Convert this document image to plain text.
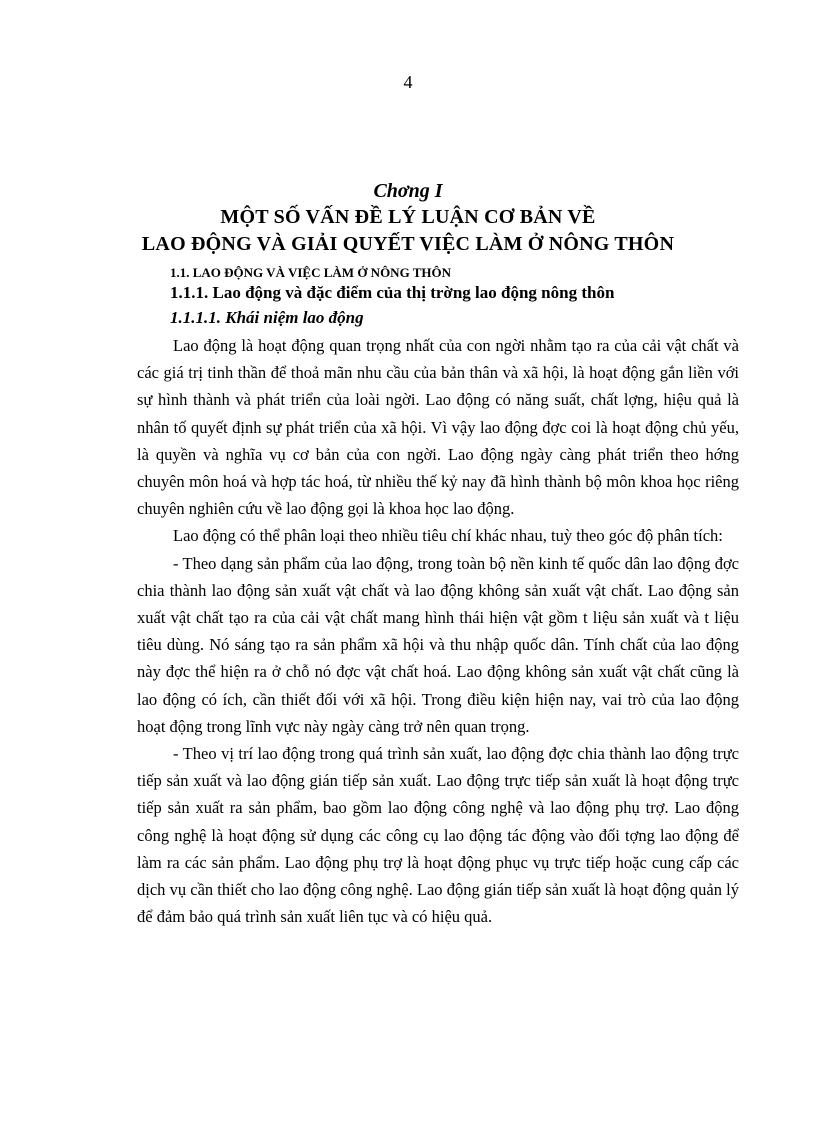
4
Chơng I
MỘT SỐ VẤN ĐỀ LÝ LUẬN CƠ BẢN VỀ
LAO ĐỘNG VÀ GIẢI QUYẾT VIỆC LÀM Ở NÔNG THÔN
1.1. LAO ĐỘNG VÀ VIỆC LÀM Ở NÔNG THÔN
1.1.1. Lao động và đặc điểm của thị trờng lao động nông thôn
1.1.1.1. Khái niệm lao động

Lao động là hoạt động quan trọng nhất của con ngời nhằm tạo ra của cải vật chất và các giá trị tinh thần để thoả mãn nhu cầu của bản thân và xã hội, là hoạt động gắn liền với sự hình thành và phát triển của loài ngời. Lao động có năng suất, chất lợng, hiệu quả là nhân tố quyết định sự phát triển của xã hội. Vì vậy lao động đợc coi là hoạt động chủ yếu, là quyền và nghĩa vụ cơ bản của con ngời. Lao động ngày càng phát triển theo hớng chuyên môn hoá và hợp tác hoá, từ nhiều thế kỷ nay đã hình thành bộ môn khoa học riêng chuyên nghiên cứu về lao động gọi là khoa học lao động.

Lao động có thể phân loại theo nhiều tiêu chí khác nhau, tuỳ theo góc độ phân tích:

- Theo dạng sản phẩm của lao động, trong toàn bộ nền kinh tế quốc dân lao động đợc chia thành lao động sản xuất vật chất và lao động không sản xuất vật chất. Lao động sản xuất vật chất tạo ra của cải vật chất mang hình thái hiện vật gồm t liệu sản xuất và t liệu tiêu dùng. Nó sáng tạo ra sản phẩm xã hội và thu nhập quốc dân. Tính chất của lao động này đợc thể hiện ra ở chỗ nó đợc vật chất hoá. Lao động không sản xuất vật chất cũng là lao động có ích, cần thiết đối với xã hội. Trong điều kiện hiện nay, vai trò của lao động hoạt động trong lĩnh vực này ngày càng trở nên quan trọng.

- Theo vị trí lao động trong quá trình sản xuất, lao động đợc chia thành lao động trực tiếp sản xuất và lao động gián tiếp sản xuất. Lao động trực tiếp sản xuất là hoạt động trực tiếp sản xuất ra sản phẩm, bao gồm lao động công nghệ và lao động phụ trợ. Lao động công nghệ là hoạt động sử dụng các công cụ lao động tác động vào đối tợng lao động để làm ra các sản phẩm. Lao động phụ trợ là hoạt động phục vụ trực tiếp hoặc cung cấp các dịch vụ cần thiết cho lao động công nghệ. Lao động gián tiếp sản xuất là hoạt động quản lý để đảm bảo quá trình sản xuất liên tục và có hiệu quả.
